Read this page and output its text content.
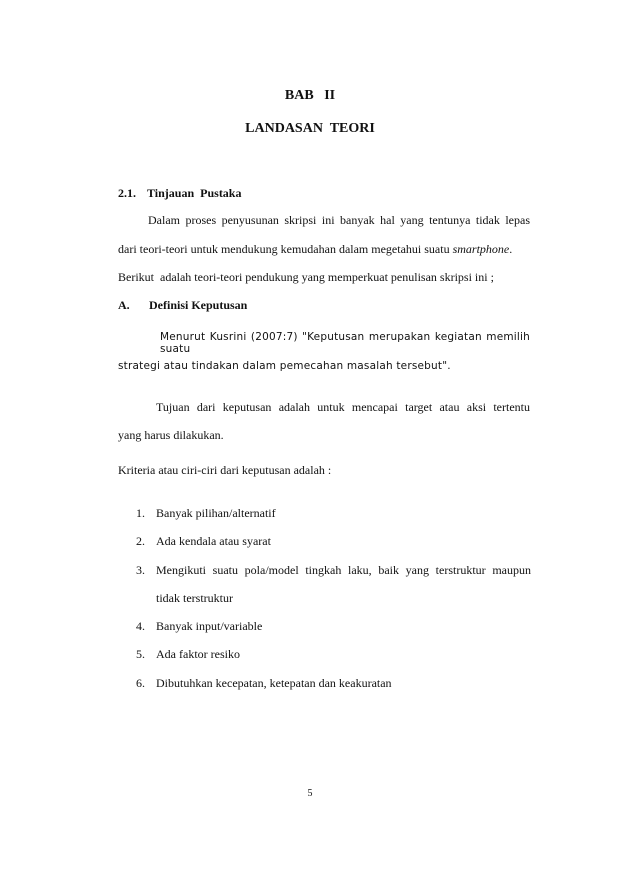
BAB   II

LANDASAN  TEORI

2.1. Tinjauan  Pustaka

Dalam proses penyusunan skripsi ini banyak hal yang tentunya tidak lepas

dari teori-teori untuk mendukung kemudahan dalam megetahui suatu smartphone.

Berikut  adalah teori-teori pendukung yang memperkuat penulisan skripsi ini ;

A. Definisi Keputusan

Menurut Kusrini (2007:7) "Keputusan merupakan kegiatan memilih suatu

strategi atau tindakan dalam pemecahan masalah tersebut".

Tujuan dari keputusan adalah untuk mencapai target atau aksi tertentu

yang harus dilakukan.

Kriteria atau ciri-ciri dari keputusan adalah :

1. Banyak pilihan/alternatif
2. Ada kendala atau syarat
3. Mengikuti suatu pola/model tingkah laku, baik yang terstruktur maupun
tidak terstruktur
4. Banyak input/variable
5. Ada faktor resiko
6. Dibutuhkan kecepatan, ketepatan dan keakuratan

5
